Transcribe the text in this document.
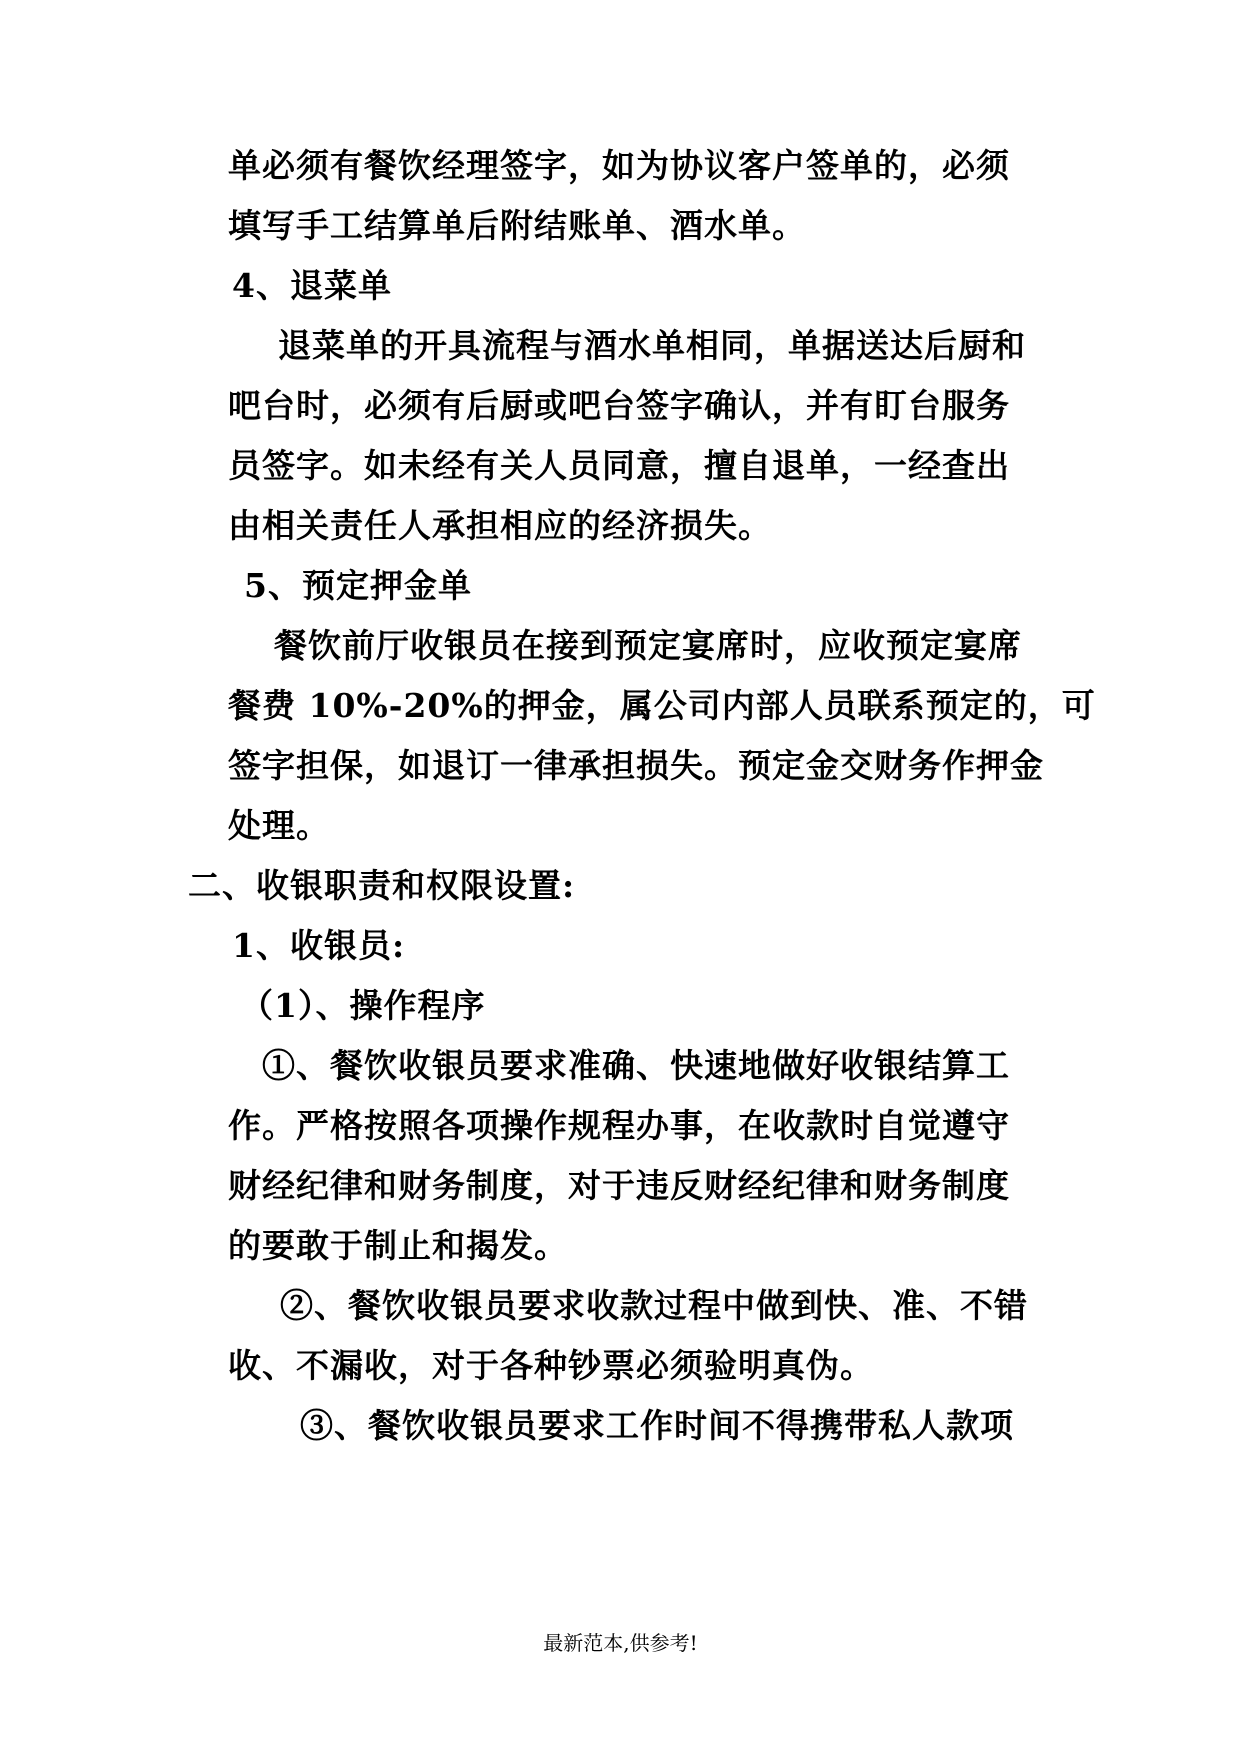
单必须有餐饮经理签字，如为协议客户签单的，必须
填写手工结算单后附结账单、酒水单。
4、退菜单
退菜单的开具流程与酒水单相同，单据送达后厨和
吧台时，必须有后厨或吧台签字确认，并有盯台服务
员签字。如未经有关人员同意，擅自退单，一经查出
由相关责任人承担相应的经济损失。
5、预定押金单
餐饮前厅收银员在接到预定宴席时，应收预定宴席
餐费 10%-20%的押金，属公司内部人员联系预定的，可
签字担保，如退订一律承担损失。预定金交财务作押金
处理。
二、收银职责和权限设置:
1、收银员:
（1）、操作程序
①、餐饮收银员要求准确、快速地做好收银结算工
作。严格按照各项操作规程办事，在收款时自觉遵守
财经纪律和财务制度，对于违反财经纪律和财务制度
的要敢于制止和揭发。
②、餐饮收银员要求收款过程中做到快、准、不错
收、不漏收，对于各种钞票必须验明真伪。
③、餐饮收银员要求工作时间不得携带私人款项
最新范本,供参考!
